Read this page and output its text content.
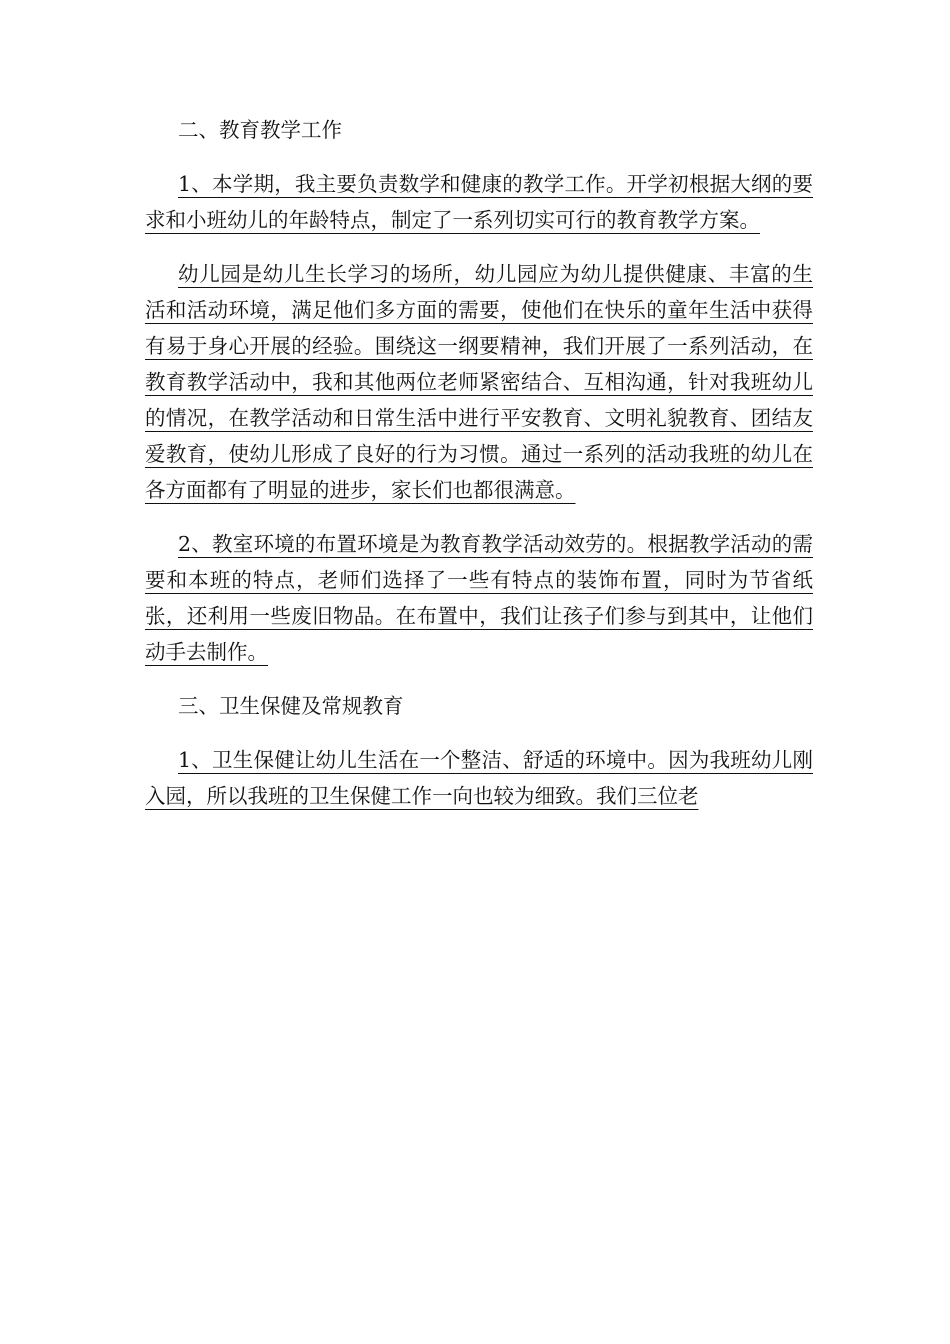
二、教育教学工作

1、本学期，我主要负责数学和健康的教学工作。开学初根据大纲的要求和小班幼儿的年龄特点，制定了一系列切实可行的教育教学方案。

幼儿园是幼儿生长学习的场所，幼儿园应为幼儿提供健康、丰富的生活和活动环境，满足他们多方面的需要，使他们在快乐的童年生活中获得有易于身心开展的经验。围绕这一纲要精神，我们开展了一系列活动，在教育教学活动中，我和其他两位老师紧密结合、互相沟通，针对我班幼儿的情况，在教学活动和日常生活中进行平安教育、文明礼貌教育、团结友爱教育，使幼儿形成了良好的行为习惯。通过一系列的活动我班的幼儿在各方面都有了明显的进步，家长们也都很满意。

2、教室环境的布置环境是为教育教学活动效劳的。根据教学活动的需要和本班的特点，老师们选择了一些有特点的装饰布置，同时为节省纸张，还利用一些废旧物品。在布置中，我们让孩子们参与到其中，让他们动手去制作。

三、卫生保健及常规教育

1、卫生保健让幼儿生活在一个整洁、舒适的环境中。因为我班幼儿刚入园，所以我班的卫生保健工作一向也较为细致。我们三位老
